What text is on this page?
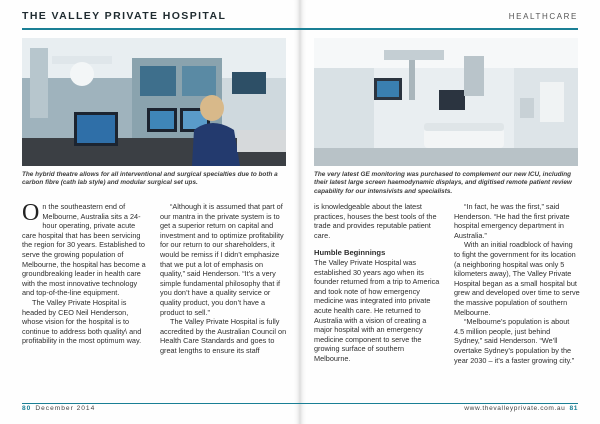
THE VALLEY PRIVATE HOSPITAL
The hybrid theatre allows for all interventional and surgical specialties due to both a carbon fibre (cath lab style) and modular surgical set ups.

On the southeastern end of Melbourne, Australia sits a 24-hour operating, private acute care hospital that has been servicing the region for 30 years. Established to serve the growing population of Melbourne, the hospital has become a groundbreaking leader in health care with the most innovative technology and top-of-the-line equipment.

The Valley Private Hospital is headed by CEO Neil Henderson, whose vision for the hospital is to continue to address both quality\ and profitability in the most optimum way.

“Although it is assumed that part of our mantra in the private system is to get a superior return on capital and investment and to optimize profitability for our return to our shareholders, it would be remiss if I didn’t emphasize that we put a lot of emphasis on quality,” said Henderson. “It’s a very simple fundamental philosophy that if you don’t have a quality service or quality product, you don’t have a product to sell.”

The Valley Private Hospital is fully accredited by the Australian Council on Health Care Standards and goes to great lengths to ensure its staff

80 December 2014
HEALTHCARE
The very latest GE monitoring was purchased to complement our new ICU, including their latest large screen haemodynamic displays, and digitised remote patient review capability for our intensivists and specialists.

is knowledgeable about the latest practices, houses the best tools of the trade and provides reputable patient care.

Humble Beginnings

The Valley Private Hospital was established 30 years ago when its founder returned from a trip to America and took note of how emergency medicine was integrated into private acute health care. He returned to Australia with a vision of creating a major hospital with an emergency medicine component to serve the growing surface of southern Melbourne.

“In fact, he was the first,” said Henderson. “He had the first private hospital emergency department in Australia.”

With an initial roadblock of having to fight the government for its location (a neighboring hospital was only 5 kilometers away), The Valley Private Hospital began as a small hospital but grew and developed over time to serve the massive population of southern Melbourne.

“Melbourne’s population is about 4.5 million people, just behind Sydney,” said Henderson. “We’ll overtake Sydney’s population by the year 2030 – it’s a faster growing city.”

www.thevalleyprivate.com.au 81
